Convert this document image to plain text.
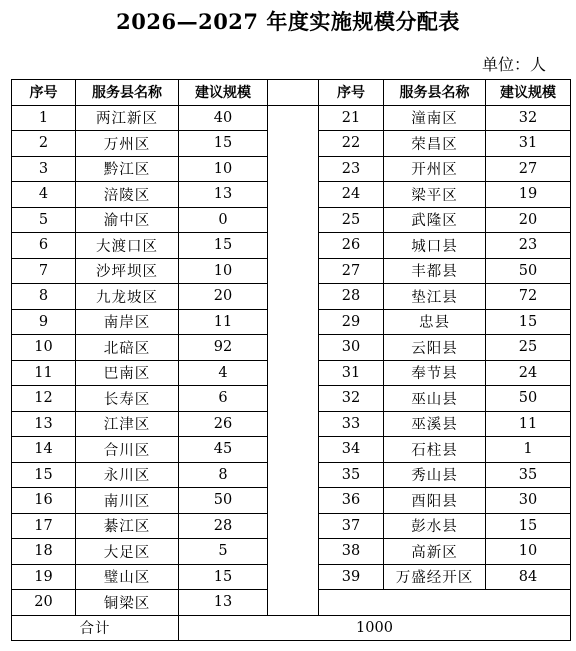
2026—2027 年度实施规模分配表
单位：人
序号	服务县名称	建议规模		序号	服务县名称	建议规模
1	两江新区	40		21	潼南区	32
2	万州区	15		22	荣昌区	31
3	黔江区	10		23	开州区	27
4	涪陵区	13		24	梁平区	19
5	渝中区	0		25	武隆区	20
6	大渡口区	15		26	城口县	23
7	沙坪坝区	10		27	丰都县	50
8	九龙坡区	20		28	垫江县	72
9	南岸区	11		29	忠县	15
10	北碚区	92		30	云阳县	25
11	巴南区	4		31	奉节县	24
12	长寿区	6		32	巫山县	50
13	江津区	26		33	巫溪县	11
14	合川区	45		34	石柱县	1
15	永川区	8		35	秀山县	35
16	南川区	50		36	酉阳县	30
17	綦江区	28		37	彭水县	15
18	大足区	5		38	高新区	10
19	璧山区	15		39	万盛经开区	84
20	铜梁区	13				
合计		1000				
